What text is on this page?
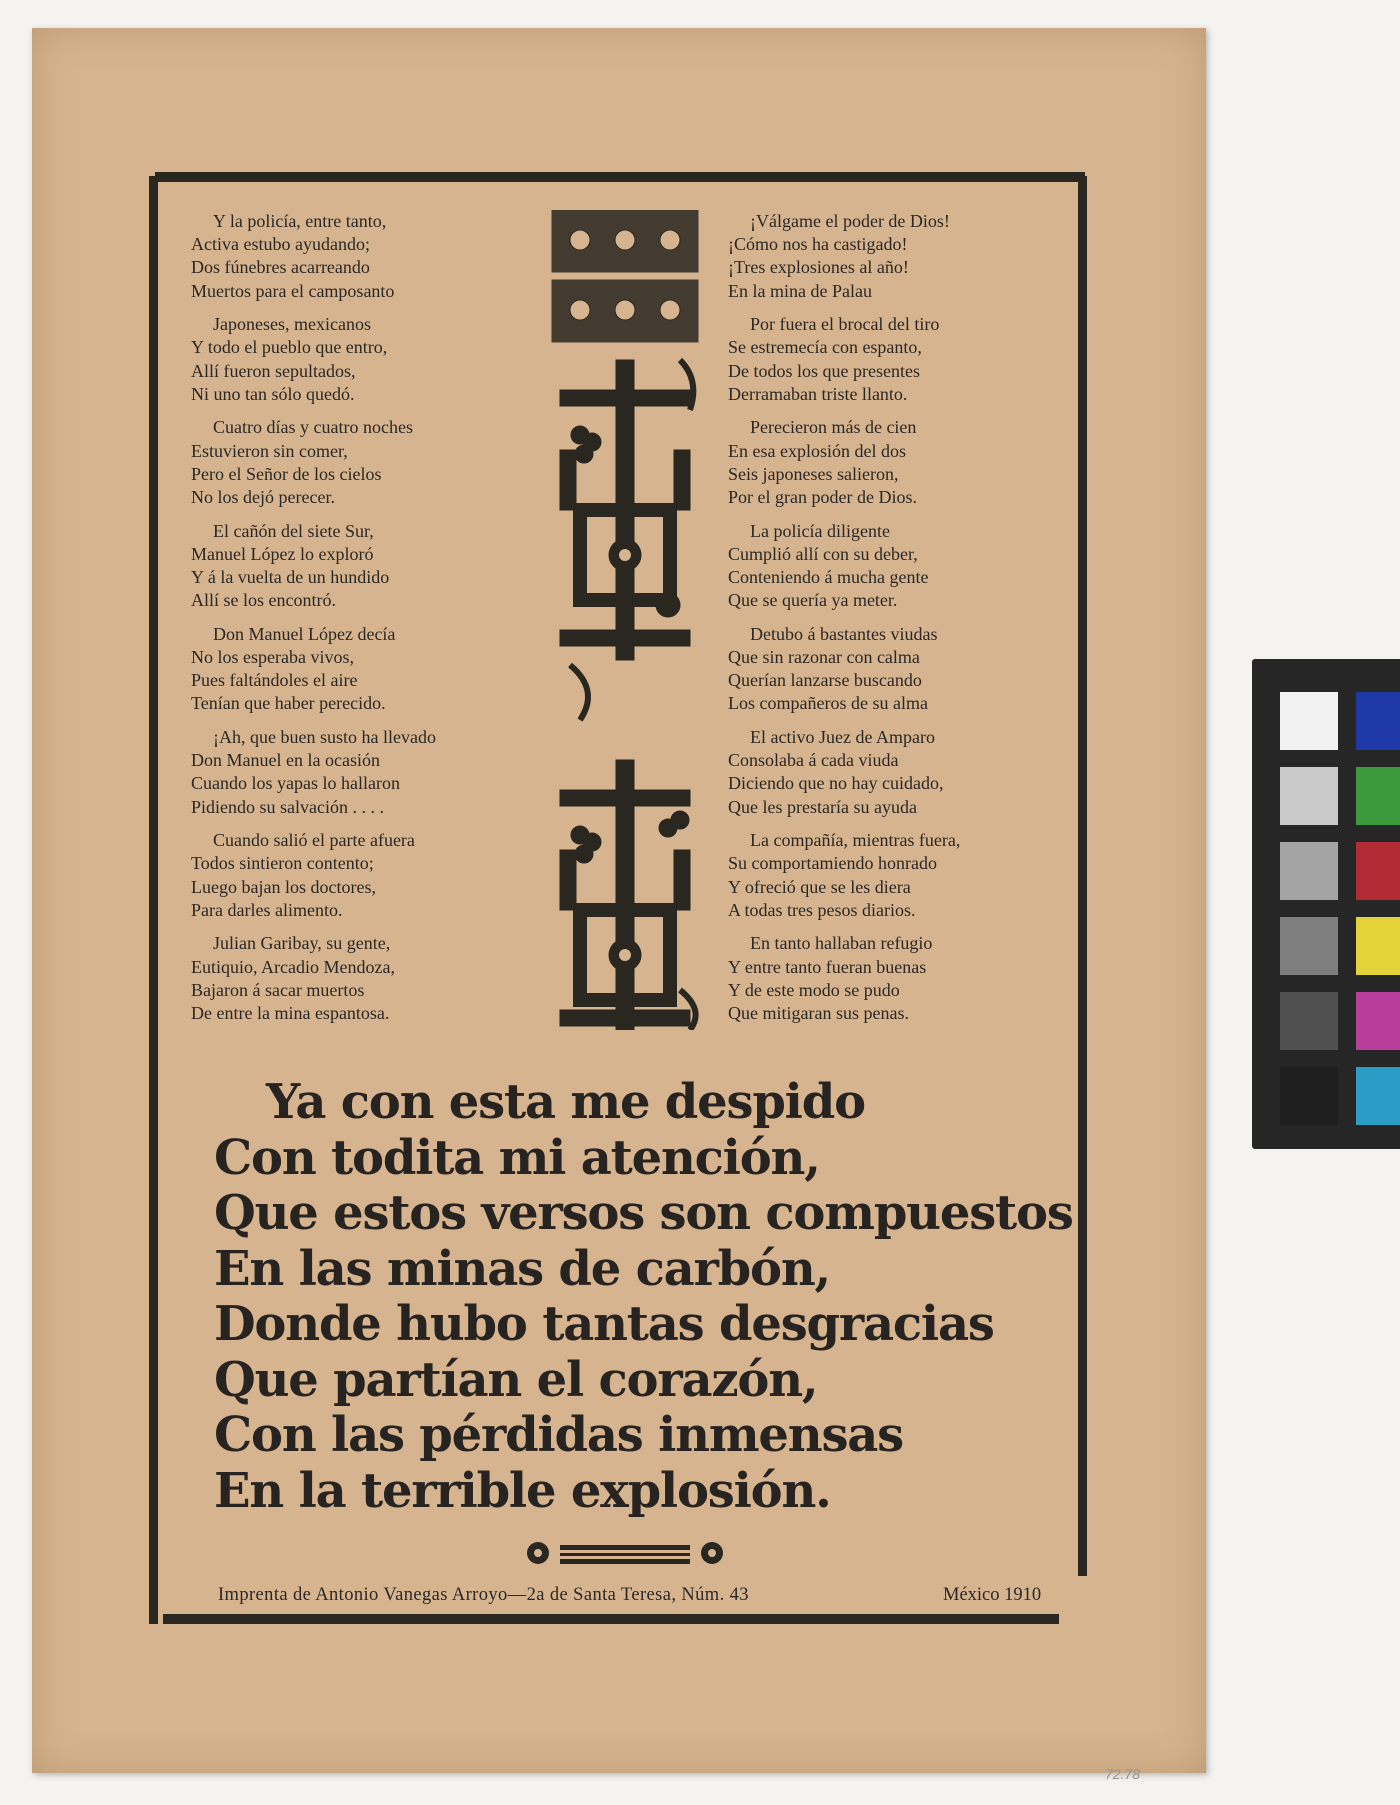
Y la policía, entre tanto,
Activa estubo ayudando;
Dos fúnebres acarreando
Muertos para el camposanto
Japoneses, mexicanos
Y todo el pueblo que entro,
Allí fueron sepultados,
Ni uno tan sólo quedó.
Cuatro días y cuatro noches
Estuvieron sin comer,
Pero el Señor de los cielos
No los dejó perecer.
El cañón del siete Sur,
Manuel López lo exploró
Y á la vuelta de un hundido
Allí se los encontró.
Don Manuel López decía
No los esperaba vivos,
Pues faltándoles el aire
Tenían que haber perecido.
¡Ah, que buen susto ha llevado
Don Manuel en la ocasión
Cuando los yapas lo hallaron
Pidiendo su salvación . . . .
Cuando salió el parte afuera
Todos sintieron contento;
Luego bajan los doctores,
Para darles alimento.
Julian Garibay, su gente,
Eutiquio, Arcadio Mendoza,
Bajaron á sacar muertos
De entre la mina espantosa.
¡Válgame el poder de Dios!
¡Cómo nos ha castigado!
¡Tres explosiones al año!
En la mina de Palau
Por fuera el brocal del tiro
Se estremecía con espanto,
De todos los que presentes
Derramaban triste llanto.
Perecieron más de cien
En esa explosión del dos
Seis japoneses salieron,
Por el gran poder de Dios.
La policía diligente
Cumplió allí con su deber,
Conteniendo á mucha gente
Que se quería ya meter.
Detubo á bastantes viudas
Que sin razonar con calma
Querían lanzarse buscando
Los compañeros de su alma
El activo Juez de Amparo
Consolaba á cada viuda
Diciendo que no hay cuidado,
Que les prestaría su ayuda
La compañía, mientras fuera,
Su comportamiendo honrado
Y ofreció que se les diera
A todas tres pesos diarios.
En tanto hallaban refugio
Y entre tanto fueran buenas
Y de este modo se pudo
Que mitigaran sus penas.
Ya con esta me despido
Con todita mi atención,
Que estos versos son compuestos
En las minas de carbón,
Donde hubo tantas desgracias
Que partían el corazón,
Con las pérdidas inmensas
En la terrible explosión.
Imprenta de Antonio Vanegas Arroyo—2a de Santa Teresa, Núm. 43	México 1910
72.78
